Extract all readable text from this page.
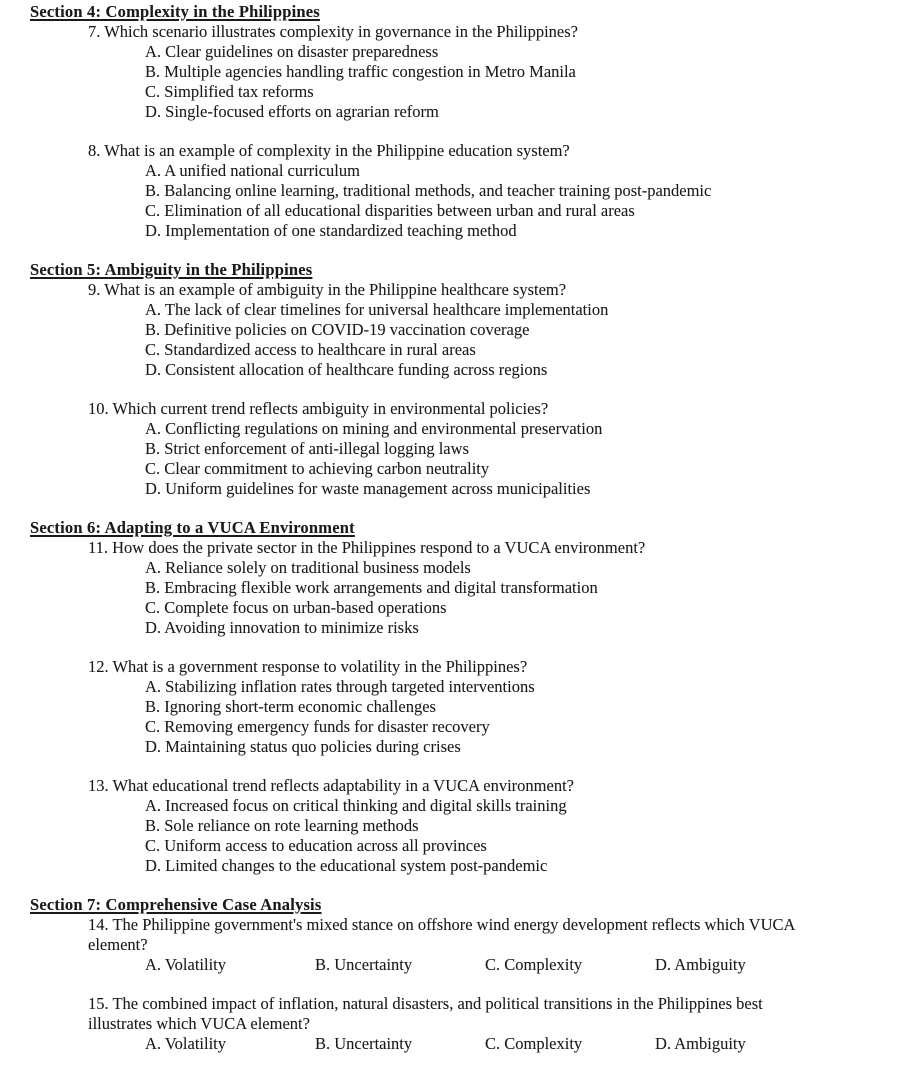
Section 4: Complexity in the Philippines
7. Which scenario illustrates complexity in governance in the Philippines?
A. Clear guidelines on disaster preparedness
B. Multiple agencies handling traffic congestion in Metro Manila
C. Simplified tax reforms
D. Single-focused efforts on agrarian reform
8. What is an example of complexity in the Philippine education system?
A. A unified national curriculum
B. Balancing online learning, traditional methods, and teacher training post-pandemic
C. Elimination of all educational disparities between urban and rural areas
D. Implementation of one standardized teaching method
Section 5: Ambiguity in the Philippines
9. What is an example of ambiguity in the Philippine healthcare system?
A. The lack of clear timelines for universal healthcare implementation
B. Definitive policies on COVID-19 vaccination coverage
C. Standardized access to healthcare in rural areas
D. Consistent allocation of healthcare funding across regions
10. Which current trend reflects ambiguity in environmental policies?
A. Conflicting regulations on mining and environmental preservation
B. Strict enforcement of anti-illegal logging laws
C. Clear commitment to achieving carbon neutrality
D. Uniform guidelines for waste management across municipalities
Section 6: Adapting to a VUCA Environment
11. How does the private sector in the Philippines respond to a VUCA environment?
A. Reliance solely on traditional business models
B. Embracing flexible work arrangements and digital transformation
C. Complete focus on urban-based operations
D. Avoiding innovation to minimize risks
12. What is a government response to volatility in the Philippines?
A. Stabilizing inflation rates through targeted interventions
B. Ignoring short-term economic challenges
C. Removing emergency funds for disaster recovery
D. Maintaining status quo policies during crises
13. What educational trend reflects adaptability in a VUCA environment?
A. Increased focus on critical thinking and digital skills training
B. Sole reliance on rote learning methods
C. Uniform access to education across all provinces
D. Limited changes to the educational system post-pandemic
Section 7: Comprehensive Case Analysis
14. The Philippine government's mixed stance on offshore wind energy development reflects which VUCA
element?
A. Volatility	B. Uncertainty	C. Complexity	D. Ambiguity
15. The combined impact of inflation, natural disasters, and political transitions in the Philippines best
illustrates which VUCA element?
A. Volatility	B. Uncertainty	C. Complexity	D. Ambiguity
